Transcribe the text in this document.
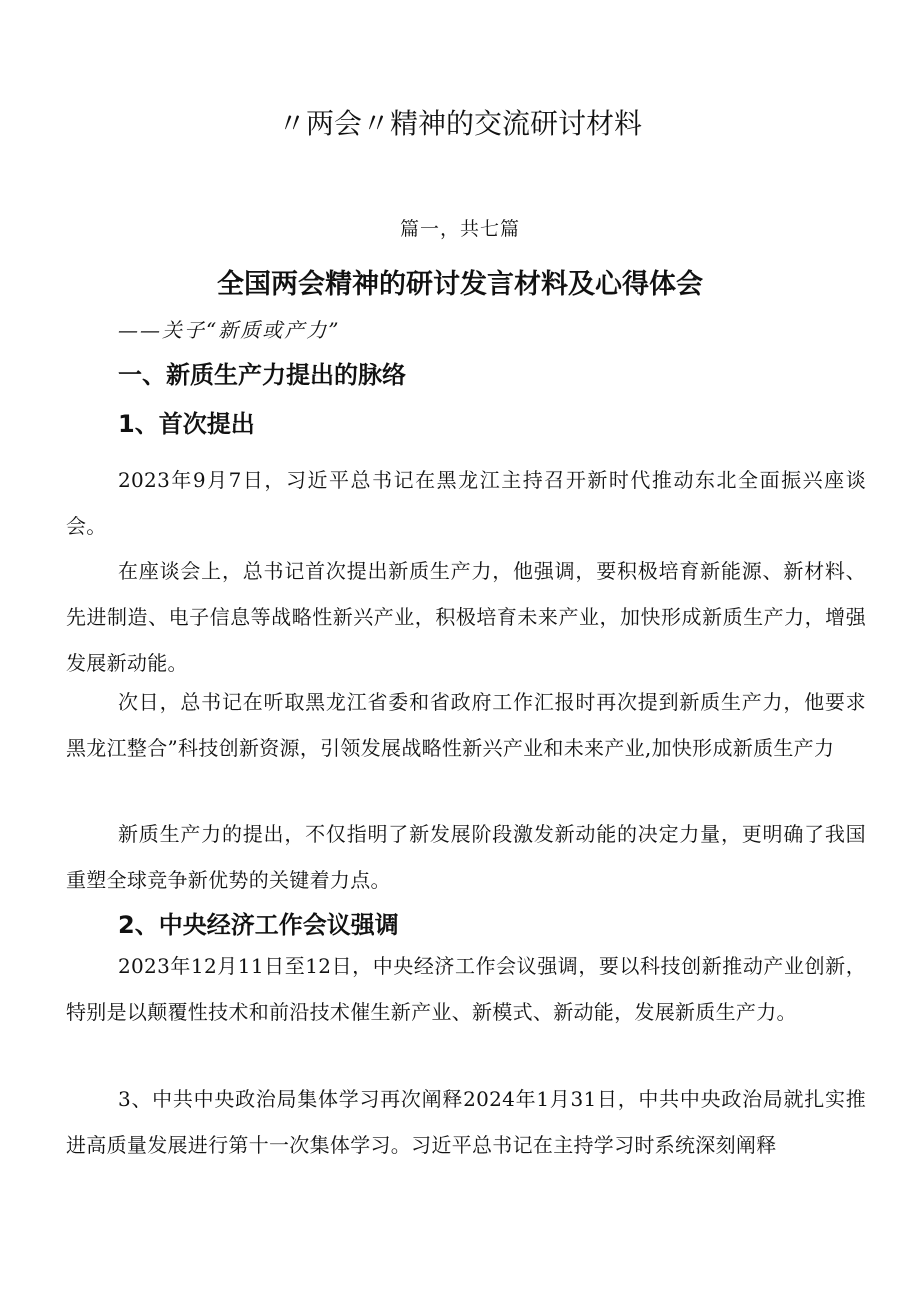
〃两会〃精神的交流研讨材料

篇一，共七篇

全国两会精神的研讨发言材料及心得体会

——关子“新质或产力”

一、新质生产力提出的脉络
1、首次提出

2023年9月7日，习近平总书记在黑龙江主持召开新时代推动东北全面振兴座谈会。

在座谈会上，总书记首次提出新质生产力，他强调，要积极培育新能源、新材料、先进制造、电子信息等战略性新兴产业，积极培育未来产业，加快形成新质生产力，增强发展新动能。

次日，总书记在听取黑龙江省委和省政府工作汇报时再次提到新质生产力，他要求黑龙江整合”科技创新资源，引领发展战略性新兴产业和未来产业,加快形成新质生产力

新质生产力的提出，不仅指明了新发展阶段激发新动能的决定力量，更明确了我国重塑全球竞争新优势的关键着力点。

2、中央经济工作会议强调

2023年12月11日至12日，中央经济工作会议强调，要以科技创新推动产业创新，特别是以颠覆性技术和前沿技术催生新产业、新模式、新动能，发展新质生产力。

3、中共中央政治局集体学习再次阐释2024年1月31日，中共中央政治局就扎实推进高质量发展进行第十一次集体学习。习近平总书记在主持学习时系统深刻阐释
